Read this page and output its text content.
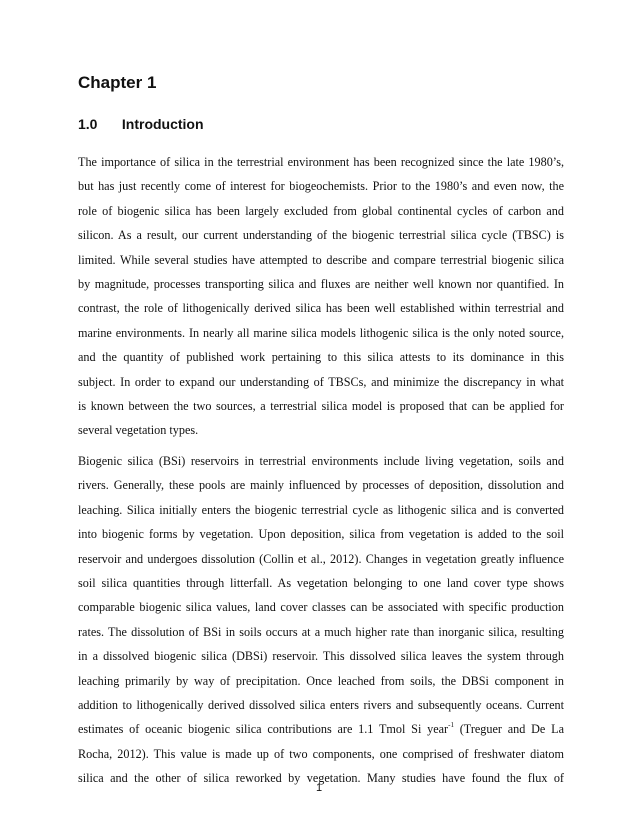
Chapter 1
1.0 Introduction

The importance of silica in the terrestrial environment has been recognized since the late 1980’s,
but has just recently come of interest for biogeochemists. Prior to the 1980’s and even now, the
role of biogenic silica has been largely excluded from global continental cycles of carbon and
silicon. As a result, our current understanding of the biogenic terrestrial silica cycle (TBSC) is
limited. While several studies have attempted to describe and compare terrestrial biogenic silica
by magnitude, processes transporting silica and fluxes are neither well known nor quantified. In
contrast, the role of lithogenically derived silica has been well established within terrestrial and
marine environments. In nearly all marine silica models lithogenic silica is the only noted source,
and the quantity of published work pertaining to this silica attests to its dominance in this
subject. In order to expand our understanding of TBSCs, and minimize the discrepancy in what
is known between the two sources, a terrestrial silica model is proposed that can be applied for
several vegetation types.

Biogenic silica (BSi) reservoirs in terrestrial environments include living vegetation, soils and
rivers. Generally, these pools are mainly influenced by processes of deposition, dissolution and
leaching. Silica initially enters the biogenic terrestrial cycle as lithogenic silica and is converted
into biogenic forms by vegetation. Upon deposition, silica from vegetation is added to the soil
reservoir and undergoes dissolution (Collin et al., 2012). Changes in vegetation greatly influence
soil silica quantities through litterfall. As vegetation belonging to one land cover type shows
comparable biogenic silica values, land cover classes can be associated with specific production
rates. The dissolution of BSi in soils occurs at a much higher rate than inorganic silica, resulting
in a dissolved biogenic silica (DBSi) reservoir. This dissolved silica leaves the system through
leaching primarily by way of precipitation. Once leached from soils, the DBSi component in
addition to lithogenically derived dissolved silica enters rivers and subsequently oceans. Current
estimates of oceanic biogenic silica contributions are 1.1 Tmol Si year$^{-1}$ (Treguer and De La
Rocha, 2012). This value is made up of two components, one comprised of freshwater diatom
silica and the other of silica reworked by vegetation. Many studies have found the flux of

1
